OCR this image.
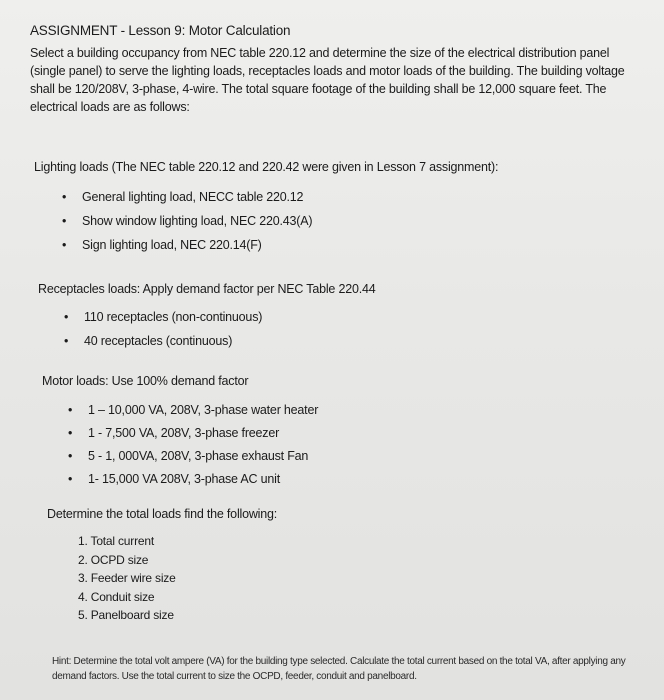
ASSIGNMENT - Lesson 9: Motor Calculation
Select a building occupancy from NEC table 220.12 and determine the size of the electrical distribution panel (single panel) to serve the lighting loads, receptacles loads and motor loads of the building. The building voltage shall be 120/208V, 3-phase, 4-wire. The total square footage of the building shall be 12,000 square feet. The electrical loads are as follows:
Lighting loads (The NEC table 220.12 and 220.42 were given in Lesson 7 assignment):
• General lighting load, NECC table 220.12
• Show window lighting load, NEC 220.43(A)
• Sign lighting load, NEC 220.14(F)
Receptacles loads: Apply demand factor per NEC Table 220.44
• 110 receptacles (non-continuous)
• 40 receptacles (continuous)
Motor loads: Use 100% demand factor
• 1 – 10,000 VA, 208V, 3-phase water heater
• 1 - 7,500 VA, 208V, 3-phase freezer
• 5 - 1, 000VA, 208V, 3-phase exhaust Fan
• 1- 15,000 VA 208V, 3-phase AC unit
Determine the total loads find the following:
1. Total current
2. OCPD size
3. Feeder wire size
4. Conduit size
5. Panelboard size
Hint: Determine the total volt ampere (VA) for the building type selected. Calculate the total current based on the total VA, after applying any demand factors. Use the total current to size the OCPD, feeder, conduit and panelboard.
